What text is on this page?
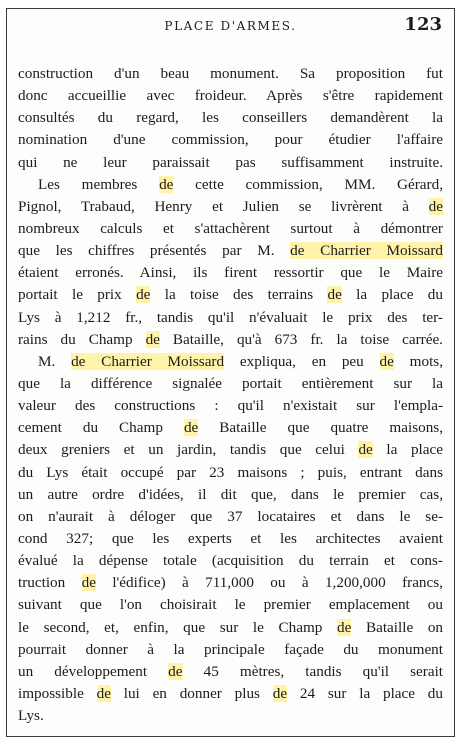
PLACE D'ARMES.	123
construction d'un beau monument. Sa proposition fut
donc accueillie avec froideur. Après s'être rapidement
consultés du regard, les conseillers demandèrent la
nomination d'une commission, pour étudier l'affaire
qui ne leur paraissait pas suffisamment instruite.
Les membres de cette commission, MM. Gérard,
Pignol, Trabaud, Henry et Julien se livrèrent à de
nombreux calculs et s'attachèrent surtout à démontrer
que les chiffres présentés par M. de Charrier Moissard
étaient erronés. Ainsi, ils firent ressortir que le Maire
portait le prix de la toise des terrains de la place du
Lys à 1,212 fr., tandis qu'il n'évaluait le prix des ter-
rains du Champ de Bataille, qu'à 673 fr. la toise carrée.
M. de Charrier Moissard expliqua, en peu de mots,
que la différence signalée portait entièrement sur la
valeur des constructions : qu'il n'existait sur l'empla-
cement du Champ de Bataille que quatre maisons,
deux greniers et un jardin, tandis que celui de la place
du Lys était occupé par 23 maisons ; puis, entrant dans
un autre ordre d'idées, il dit que, dans le premier cas,
on n'aurait à déloger que 37 locataires et dans le se-
cond 327; que les experts et les architectes avaient
évalué la dépense totale (acquisition du terrain et cons-
truction de l'édifice) à 711,000 ou à 1,200,000 francs,
suivant que l'on choisirait le premier emplacement ou
le second, et, enfin, que sur le Champ de Bataille on
pourrait donner à la principale façade du monument
un développement de 45 mètres, tandis qu'il serait
impossible de lui en donner plus de 24 sur la place du
Lys.
